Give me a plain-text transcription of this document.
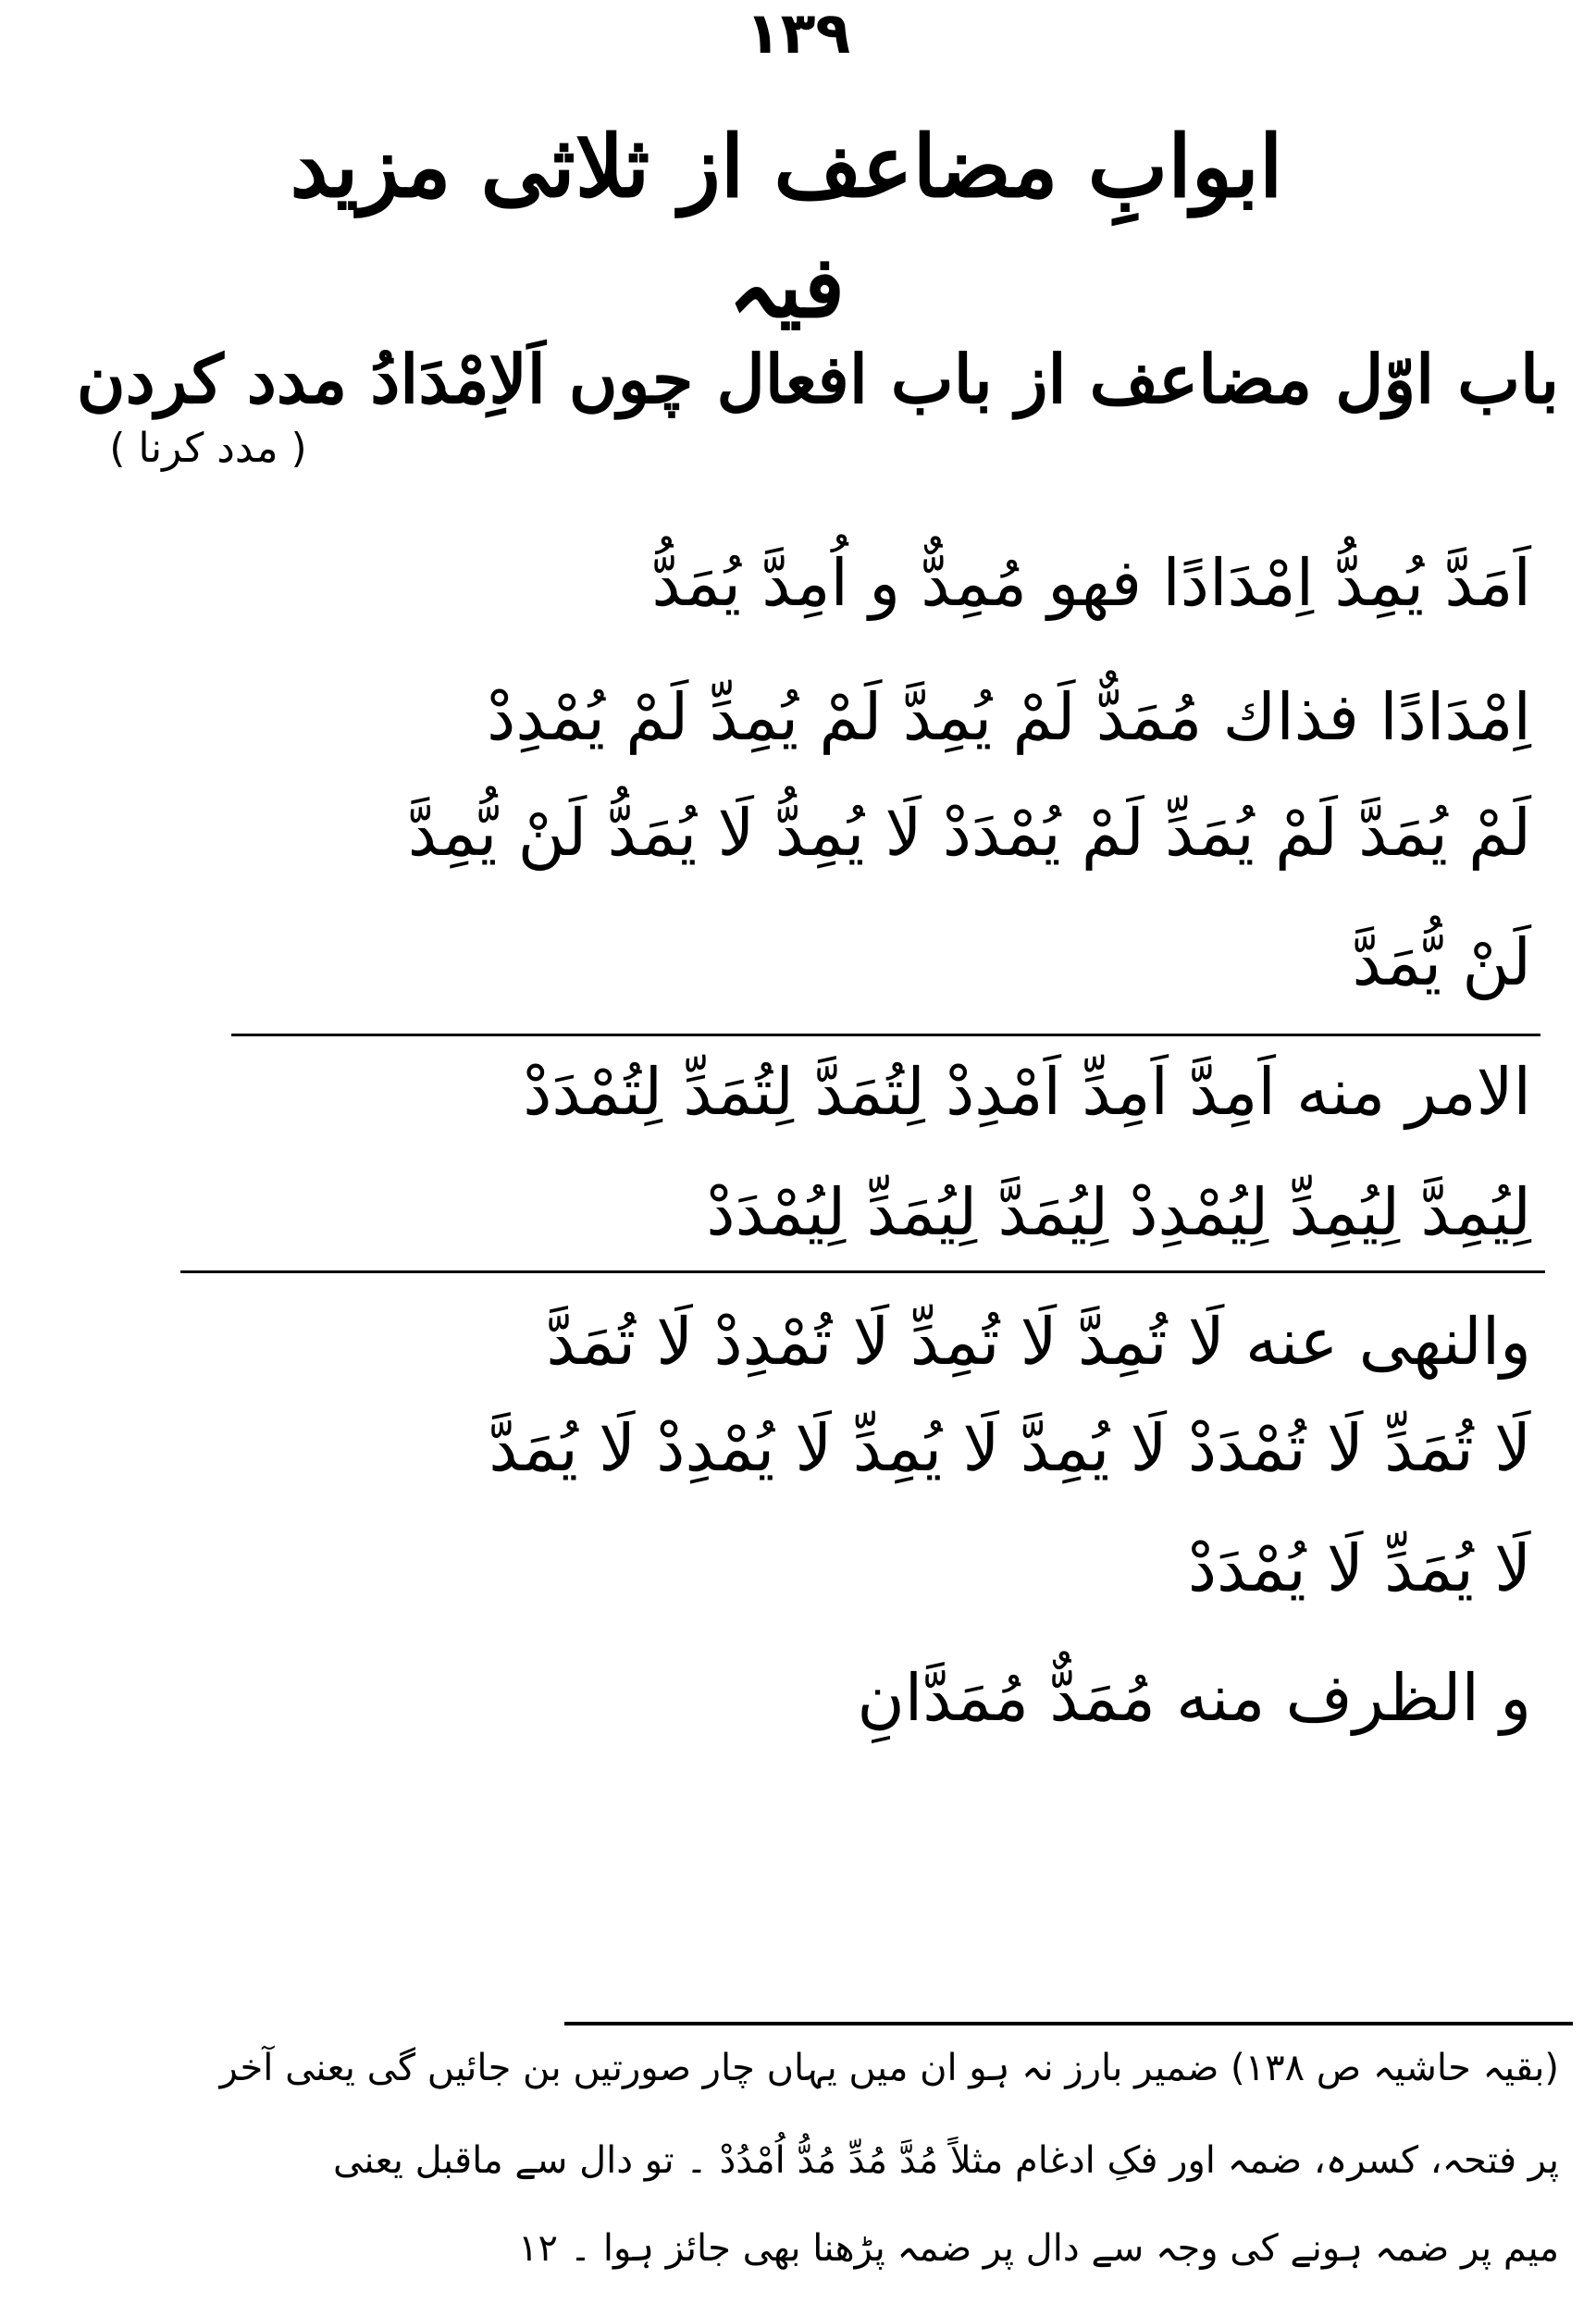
۱۳۹
ابوابِ مضاعف از ثلاثی مزید فیہ
باب اوّل مضاعف از باب افعال چوں اَلاِمْدَادُ مدد کردن
( مدد کرنا )
اَمَدَّ یُمِدُّ اِمْدَادًا فھو مُمِدٌّ و اُمِدَّ یُمَدُّ
اِمْدَادًا فذاك مُمَدٌّ لَمْ یُمِدَّ لَمْ یُمِدِّ لَمْ یُمْدِدْ
لَمْ یُمَدَّ لَمْ یُمَدِّ لَمْ یُمْدَدْ لَا یُمِدُّ لَا یُمَدُّ لَنْ یُّمِدَّ
لَنْ یُّمَدَّ
الامر منه اَمِدَّ اَمِدِّ اَمْدِدْ لِتُمَدَّ لِتُمَدِّ لِتُمْدَدْ
لِیُمِدَّ لِیُمِدِّ لِیُمْدِدْ لِیُمَدَّ لِیُمَدِّ لِیُمْدَدْ
والنھی عنه لَا تُمِدَّ لَا تُمِدِّ لَا تُمْدِدْ لَا تُمَدَّ
لَا تُمَدِّ لَا تُمْدَدْ لَا یُمِدَّ لَا یُمِدِّ لَا یُمْدِدْ لَا یُمَدَّ
لَا یُمَدِّ لَا یُمْدَدْ
و الظرف منه مُمَدٌّ مُمَدَّانِ
(بقیہ حاشیہ ص ۱۳۸) ضمیر بارز نہ ہو ان میں یہاں چار صورتیں بن جائیں گی یعنی آخر
پر فتحہ، کسرہ، ضمہ اور فکِ ادغام مثلاً مُدَّ مُدِّ مُدُّ اُمْدُدْ ۔ تو دال سے ماقبل یعنی
میم پر ضمہ ہونے کی وجہ سے دال پر ضمہ پڑھنا بھی جائز ہوا ۔ ۱۲
